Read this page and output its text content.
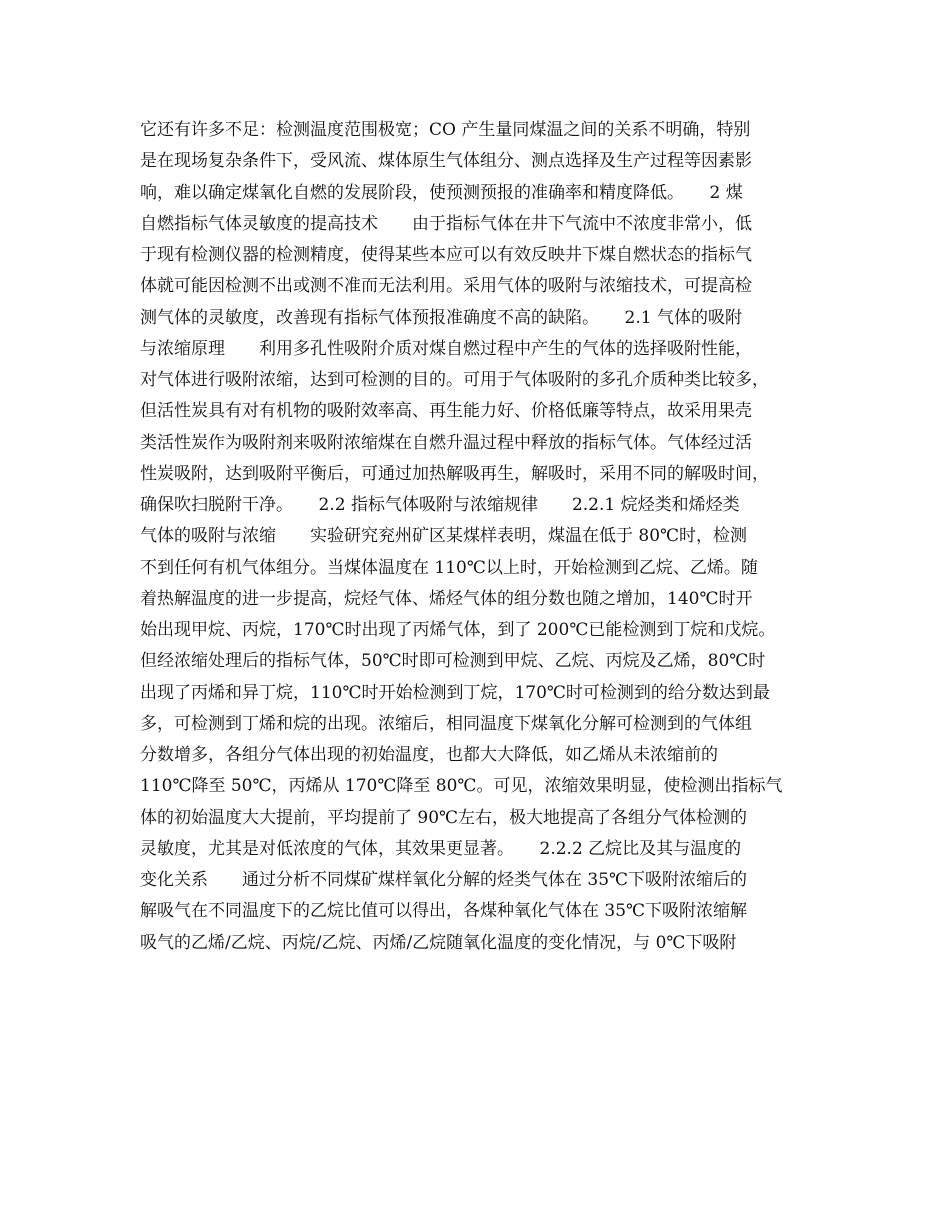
它还有许多不足：检测温度范围极宽；CO 产生量同煤温之间的关系不明确，特别
是在现场复杂条件下，受风流、煤体原生气体组分、测点选择及生产过程等因素影
响，难以确定煤氧化自燃的发展阶段，使预测预报的准确率和精度降低。　　2 煤
自燃指标气体灵敏度的提高技术　　由于指标气体在井下气流中不浓度非常小，低
于现有检测仪器的检测精度，使得某些本应可以有效反映井下煤自燃状态的指标气
体就可能因检测不出或测不准而无法利用。采用气体的吸附与浓缩技术，可提高检
测气体的灵敏度，改善现有指标气体预报准确度不高的缺陷。　　2.1 气体的吸附
与浓缩原理　　利用多孔性吸附介质对煤自燃过程中产生的气体的选择吸附性能，
对气体进行吸附浓缩，达到可检测的目的。可用于气体吸附的多孔介质种类比较多，
但活性炭具有对有机物的吸附效率高、再生能力好、价格低廉等特点，故采用果壳
类活性炭作为吸附剂来吸附浓缩煤在自燃升温过程中释放的指标气体。气体经过活
性炭吸附，达到吸附平衡后，可通过加热解吸再生，解吸时，采用不同的解吸时间，
确保吹扫脱附干净。　　2.2 指标气体吸附与浓缩规律　　2.2.1 烷烃类和烯烃类
气体的吸附与浓缩　　实验研究兖州矿区某煤样表明，煤温在低于 80℃时，检测
不到任何有机气体组分。当煤体温度在 110℃以上时，开始检测到乙烷、乙烯。随
着热解温度的进一步提高，烷烃气体、烯烃气体的组分数也随之增加，140℃时开
始出现甲烷、丙烷，170℃时出现了丙烯气体，到了 200℃已能检测到丁烷和戊烷。
但经浓缩处理后的指标气体，50℃时即可检测到甲烷、乙烷、丙烷及乙烯，80℃时
出现了丙烯和异丁烷，110℃时开始检测到丁烷，170℃时可检测到的给分数达到最
多，可检测到丁烯和烷的出现。浓缩后，相同温度下煤氧化分解可检测到的气体组
分数增多，各组分气体出现的初始温度，也都大大降低，如乙烯从未浓缩前的
110℃降至 50℃，丙烯从 170℃降至 80℃。可见，浓缩效果明显，使检测出指标气
体的初始温度大大提前，平均提前了 90℃左右，极大地提高了各组分气体检测的
灵敏度，尤其是对低浓度的气体，其效果更显著。　　2.2.2 乙烷比及其与温度的
变化关系　　通过分析不同煤矿煤样氧化分解的烃类气体在 35℃下吸附浓缩后的
解吸气在不同温度下的乙烷比值可以得出，各煤种氧化气体在 35℃下吸附浓缩解
吸气的乙烯/乙烷、丙烷/乙烷、丙烯/乙烷随氧化温度的变化情况，与 0℃下吸附
